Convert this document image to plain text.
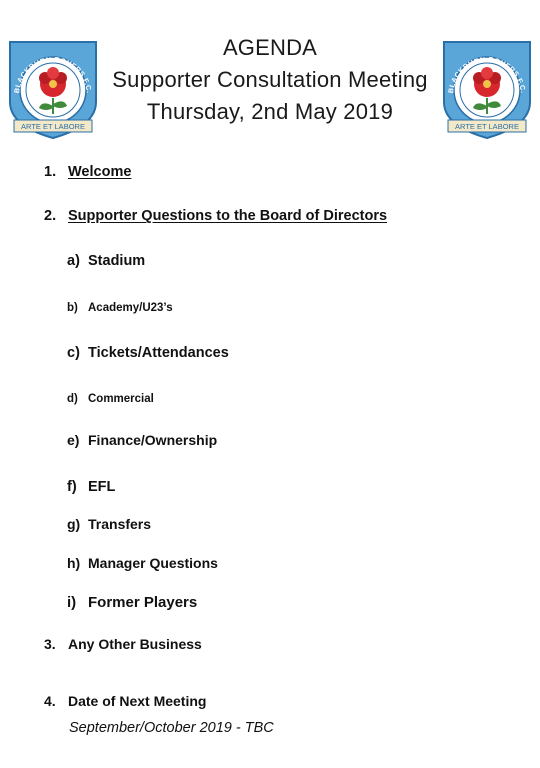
BLACKBURN ROVERS F.C.
ARTE ET LABORE
BLACKBURN ROVERS F.C.
ARTE ET LABORE
AGENDA
Supporter Consultation Meeting
Thursday, 2nd May 2019
1. Welcome
2. Supporter Questions to the Board of Directors
a) Stadium
b) Academy/U23’s
c) Tickets/Attendances
d) Commercial
e) Finance/Ownership
f) EFL
g) Transfers
h) Manager Questions
i) Former Players
3. Any Other Business
4. Date of Next Meeting
September/October 2019 - TBC
